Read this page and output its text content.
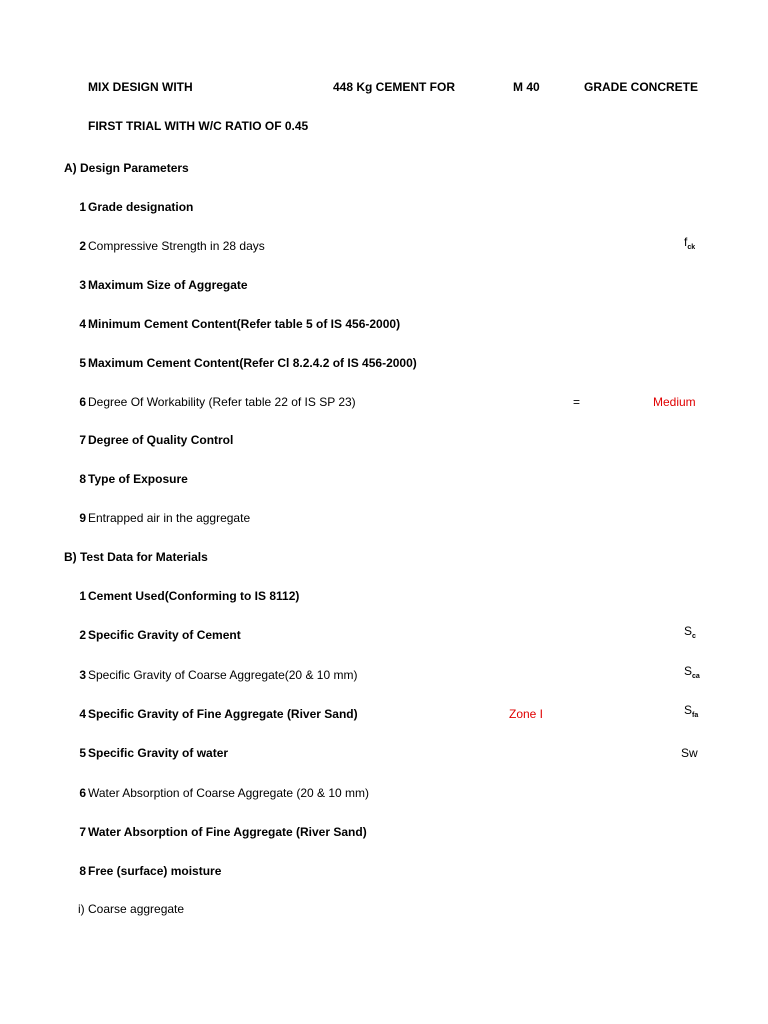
MIX DESIGN WITH	448 Kg CEMENT FOR	M 40	GRADE CONCRETE
FIRST TRIAL WITH W/C RATIO OF 0.45
A) Design Parameters
1 Grade designation
2 Compressive Strength in 28 days	$f_{ck}$
3 Maximum Size of Aggregate
4 Minimum Cement Content(Refer table 5 of IS 456-2000)
5 Maximum Cement Content(Refer Cl 8.2.4.2 of IS 456-2000)
6 Degree Of Workability (Refer table 22 of IS SP 23)	=	Medium
7 Degree of Quality Control
8 Type of Exposure
9 Entrapped air in the aggregate
B) Test Data for Materials
1 Cement Used(Conforming to IS 8112)
2 Specific Gravity of Cement	$S_c$
3 Specific Gravity of Coarse Aggregate(20 & 10 mm)	$S_{ca}$
4 Specific Gravity of Fine Aggregate (River Sand)	Zone I	$S_{fa}$
5 Specific Gravity of water	Sw
6 Water Absorption of Coarse Aggregate (20 & 10 mm)
7 Water Absorption of Fine Aggregate (River Sand)
8 Free (surface) moisture
i) Coarse aggregate
